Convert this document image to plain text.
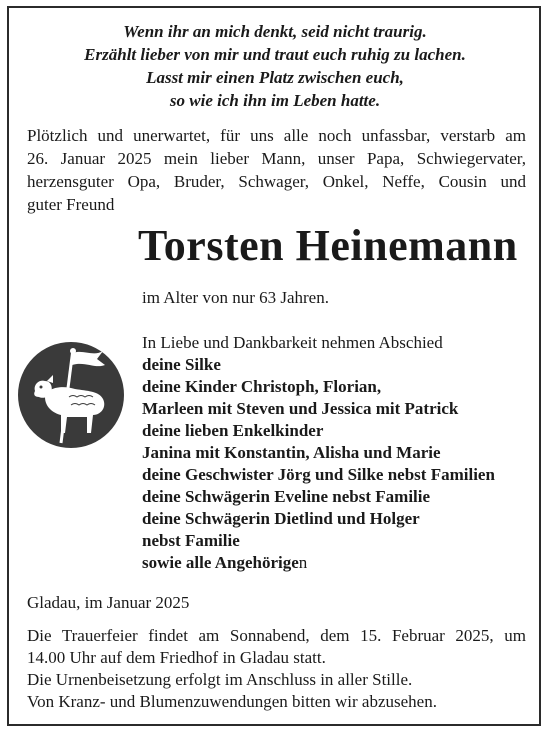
Wenn ihr an mich denkt, seid nicht traurig.
Erzählt lieber von mir und traut euch ruhig zu lachen.
Lasst mir einen Platz zwischen euch,
so wie ich ihn im Leben hatte.
Plötzlich und unerwartet, für uns alle noch unfassbar, verstarb am
26. Januar 2025 mein lieber Mann, unser Papa, Schwiegervater,
herzensguter Opa, Bruder, Schwager, Onkel, Neffe, Cousin und
guter Freund
Torsten Heinemann
im Alter von nur 63 Jahren.
In Liebe und Dankbarkeit nehmen Abschied
deine Silke
deine Kinder Christoph, Florian,
Marleen mit Steven und Jessica mit Patrick
deine lieben Enkelkinder
Janina mit Konstantin, Alisha und Marie
deine Geschwister Jörg und Silke nebst Familien
deine Schwägerin Eveline nebst Familie
deine Schwägerin Dietlind und Holger
nebst Familie
sowie alle Angehörigen
Gladau, im Januar 2025
Die Trauerfeier findet am Sonnabend, dem 15. Februar 2025, um
14.00 Uhr auf dem Friedhof in Gladau statt.
Die Urnenbeisetzung erfolgt im Anschluss in aller Stille.
Von Kranz- und Blumenzuwendungen bitten wir abzusehen.
